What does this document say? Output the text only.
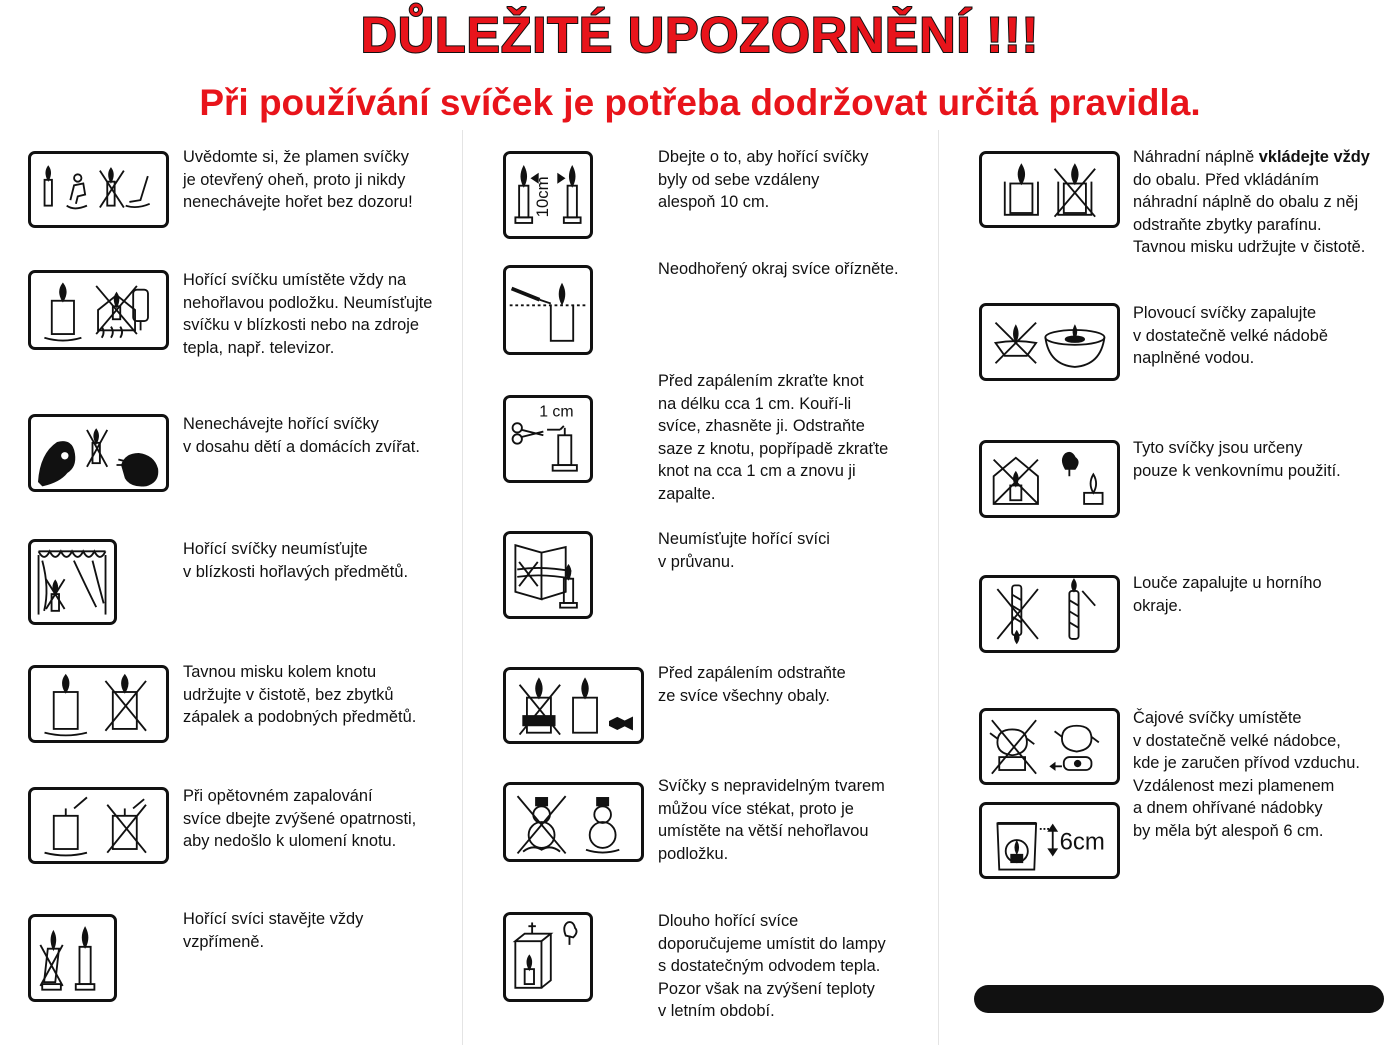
DŮLEŽITÉ UPOZORNĚNÍ !!!
Při používání svíček je potřeba dodržovat určitá pravidla.
Uvědomte si, že plamen svíčky
je otevřený oheň, proto ji nikdy
nenechávejte hořet bez dozoru!
Hořící svíčku umístěte vždy na
nehořlavou podložku. Neumísťujte
svíčku v blízkosti nebo na zdroje
tepla, např. televizor.
Nenechávejte hořící svíčky
v dosahu dětí a domácích zvířat.
Hořící svíčky neumísťujte
v blízkosti hořlavých předmětů.
Tavnou misku kolem knotu
udržujte v čistotě, bez zbytků
zápalek a podobných předmětů.
Při opětovném zapalování
svíce dbejte zvýšené opatrnosti,
aby nedošlo k ulomení knotu.
Hořící svíci stavějte vždy
vzpřímeně.
10cm
Dbejte o to, aby hořící svíčky
byly od sebe vzdáleny
alespoň 10 cm.
Neodhořený okraj svíce ořízněte.
1 cm
Před zapálením zkraťte knot
na délku cca 1 cm. Kouří-li
svíce, zhasněte ji. Odstraňte
saze z knotu, popřípadě zkraťte
knot na cca 1 cm a znovu ji
zapalte.
Neumísťujte hořící svíci
v průvanu.
Před zapálením odstraňte
ze svíce všechny obaly.
Svíčky s nepravidelným tvarem
můžou více stékat, proto je
umístěte na větší nehořlavou
podložku.
Dlouho hořící svíce
doporučujeme umístit do lampy
s dostatečným odvodem tepla.
Pozor však na zvýšení teploty
v letním období.
Náhradní náplně vkládejte vždy
do obalu. Před vkládáním
náhradní náplně do obalu z něj
odstraňte zbytky parafínu.
Tavnou misku udržujte v čistotě.
Plovoucí svíčky zapalujte
v dostatečně velké nádobě
naplněné vodou.
Tyto svíčky jsou určeny
pouze k venkovnímu použití.
Louče zapalujte u horního
okraje.
6cm
Čajové svíčky umístěte
v dostatečně velké nádobce,
kde je zaručen přívod vzduchu.
Vzdálenost mezi plamenem
a dnem ohřívané nádobky
by měla být alespoň 6 cm.
